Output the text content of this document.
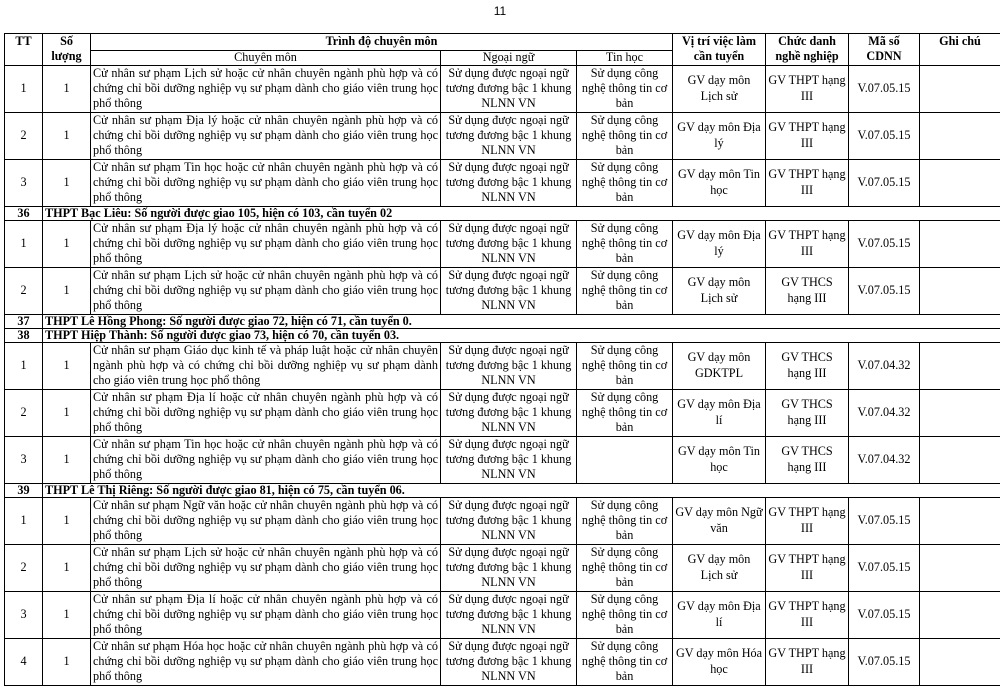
11
TT	Số lượng	Trình độ chuyên môn			Vị trí việc làm cần tuyển	Chức danh nghề nghiệp	Mã số CDNN	Ghi chú
		Chuyên môn	Ngoại ngữ	Tin học				

1	1	Cử nhân sư phạm Lịch sử hoặc cử nhân chuyên ngành phù hợp và có chứng chỉ bồi dưỡng nghiệp vụ sư phạm dành cho giáo viên trung học phổ thông	Sử dụng được ngoại ngữ tương đương bậc 1 khung NLNN VN	Sử dụng công nghệ thông tin cơ bản	GV dạy môn Lịch sử	GV THPT hạng III	V.07.05.15	

2	1	Cử nhân sư phạm Địa lý hoặc cử nhân chuyên ngành phù hợp và có chứng chỉ bồi dưỡng nghiệp vụ sư phạm dành cho giáo viên trung học phổ thông	Sử dụng được ngoại ngữ tương đương bậc 1 khung NLNN VN	Sử dụng công nghệ thông tin cơ bản	GV dạy môn Địa lý	GV THPT hạng III	V.07.05.15	

3	1	Cử nhân sư phạm Tin học hoặc cử nhân chuyên ngành phù hợp và có chứng chỉ bồi dưỡng nghiệp vụ sư phạm dành cho giáo viên trung học phổ thông	Sử dụng được ngoại ngữ tương đương bậc 1 khung NLNN VN	Sử dụng công nghệ thông tin cơ bản	GV dạy môn Tin học	GV THPT hạng III	V.07.05.15	

36	THPT Bạc Liêu: Số người được giao 105, hiện có 103, cần tuyển 02							

1	1	Cử nhân sư phạm Địa lý hoặc cử nhân chuyên ngành phù hợp và có chứng chỉ bồi dưỡng nghiệp vụ sư phạm dành cho giáo viên trung học phổ thông	Sử dụng được ngoại ngữ tương đương bậc 1 khung NLNN VN	Sử dụng công nghệ thông tin cơ bản	GV dạy môn Địa lý	GV THPT hạng III	V.07.05.15	

2	1	Cử nhân sư phạm Lịch sử hoặc cử nhân chuyên ngành phù hợp và có chứng chỉ bồi dưỡng nghiệp vụ sư phạm dành cho giáo viên trung học phổ thông	Sử dụng được ngoại ngữ tương đương bậc 1 khung NLNN VN	Sử dụng công nghệ thông tin cơ bản	GV dạy môn Lịch sử	GV THCS hạng III	V.07.05.15	

37	THPT Lê Hồng Phong: Số người được giao 72, hiện có 71, cần tuyển 0.							
38	THPT Hiệp Thành: Số người được giao 73, hiện có 70, cần tuyển 03.							

1	1	Cử nhân sư phạm Giáo dục kinh tế và pháp luật hoặc cử nhân chuyên ngành phù hợp và có chứng chỉ bồi dưỡng nghiệp vụ sư phạm dành cho giáo viên trung học phổ thông	Sử dụng được ngoại ngữ tương đương bậc 1 khung NLNN VN	Sử dụng công nghệ thông tin cơ bản	GV dạy môn GDKTPL	GV THCS hạng III	V.07.04.32	

2	1	Cử nhân sư phạm Địa lí hoặc cử nhân chuyên ngành phù hợp và có chứng chỉ bồi dưỡng nghiệp vụ sư phạm dành cho giáo viên trung học phổ thông	Sử dụng được ngoại ngữ tương đương bậc 1 khung NLNN VN	Sử dụng công nghệ thông tin cơ bản	GV dạy môn Địa lí	GV THCS hạng III	V.07.04.32	

3	1	Cử nhân sư phạm Tin học hoặc cử nhân chuyên ngành phù hợp và có chứng chỉ bồi dưỡng nghiệp vụ sư phạm dành cho giáo viên trung học phổ thông	Sử dụng được ngoại ngữ tương đương bậc 1 khung NLNN VN		GV dạy môn Tin học	GV THCS hạng III	V.07.04.32	

39	THPT Lê Thị Riêng: Số người được giao 81, hiện có 75, cần tuyển 06.							

1	1	Cử nhân sư phạm Ngữ văn hoặc cử nhân chuyên ngành phù hợp và có chứng chỉ bồi dưỡng nghiệp vụ sư phạm dành cho giáo viên trung học phổ thông	Sử dụng được ngoại ngữ tương đương bậc 1 khung NLNN VN	Sử dụng công nghệ thông tin cơ bản	GV dạy môn Ngữ văn	GV THPT hạng III	V.07.05.15	

2	1	Cử nhân sư phạm Lịch sử hoặc cử nhân chuyên ngành phù hợp và có chứng chỉ bồi dưỡng nghiệp vụ sư phạm dành cho giáo viên trung học phổ thông	Sử dụng được ngoại ngữ tương đương bậc 1 khung NLNN VN	Sử dụng công nghệ thông tin cơ bản	GV dạy môn Lịch sử	GV THPT hạng III	V.07.05.15	

3	1	Cử nhân sư phạm Địa lí hoặc cử nhân chuyên ngành phù hợp và có chứng chỉ bồi dưỡng nghiệp vụ sư phạm dành cho giáo viên trung học phổ thông	Sử dụng được ngoại ngữ tương đương bậc 1 khung NLNN VN	Sử dụng công nghệ thông tin cơ bản	GV dạy môn Địa lí	GV THPT hạng III	V.07.05.15	

4	1	Cử nhân sư phạm Hóa học hoặc cử nhân chuyên ngành phù hợp và có chứng chỉ bồi dưỡng nghiệp vụ sư phạm dành cho giáo viên trung học phổ thông	Sử dụng được ngoại ngữ tương đương bậc 1 khung NLNN VN	Sử dụng công nghệ thông tin cơ bản	GV dạy môn Hóa học	GV THPT hạng III	V.07.05.15	
